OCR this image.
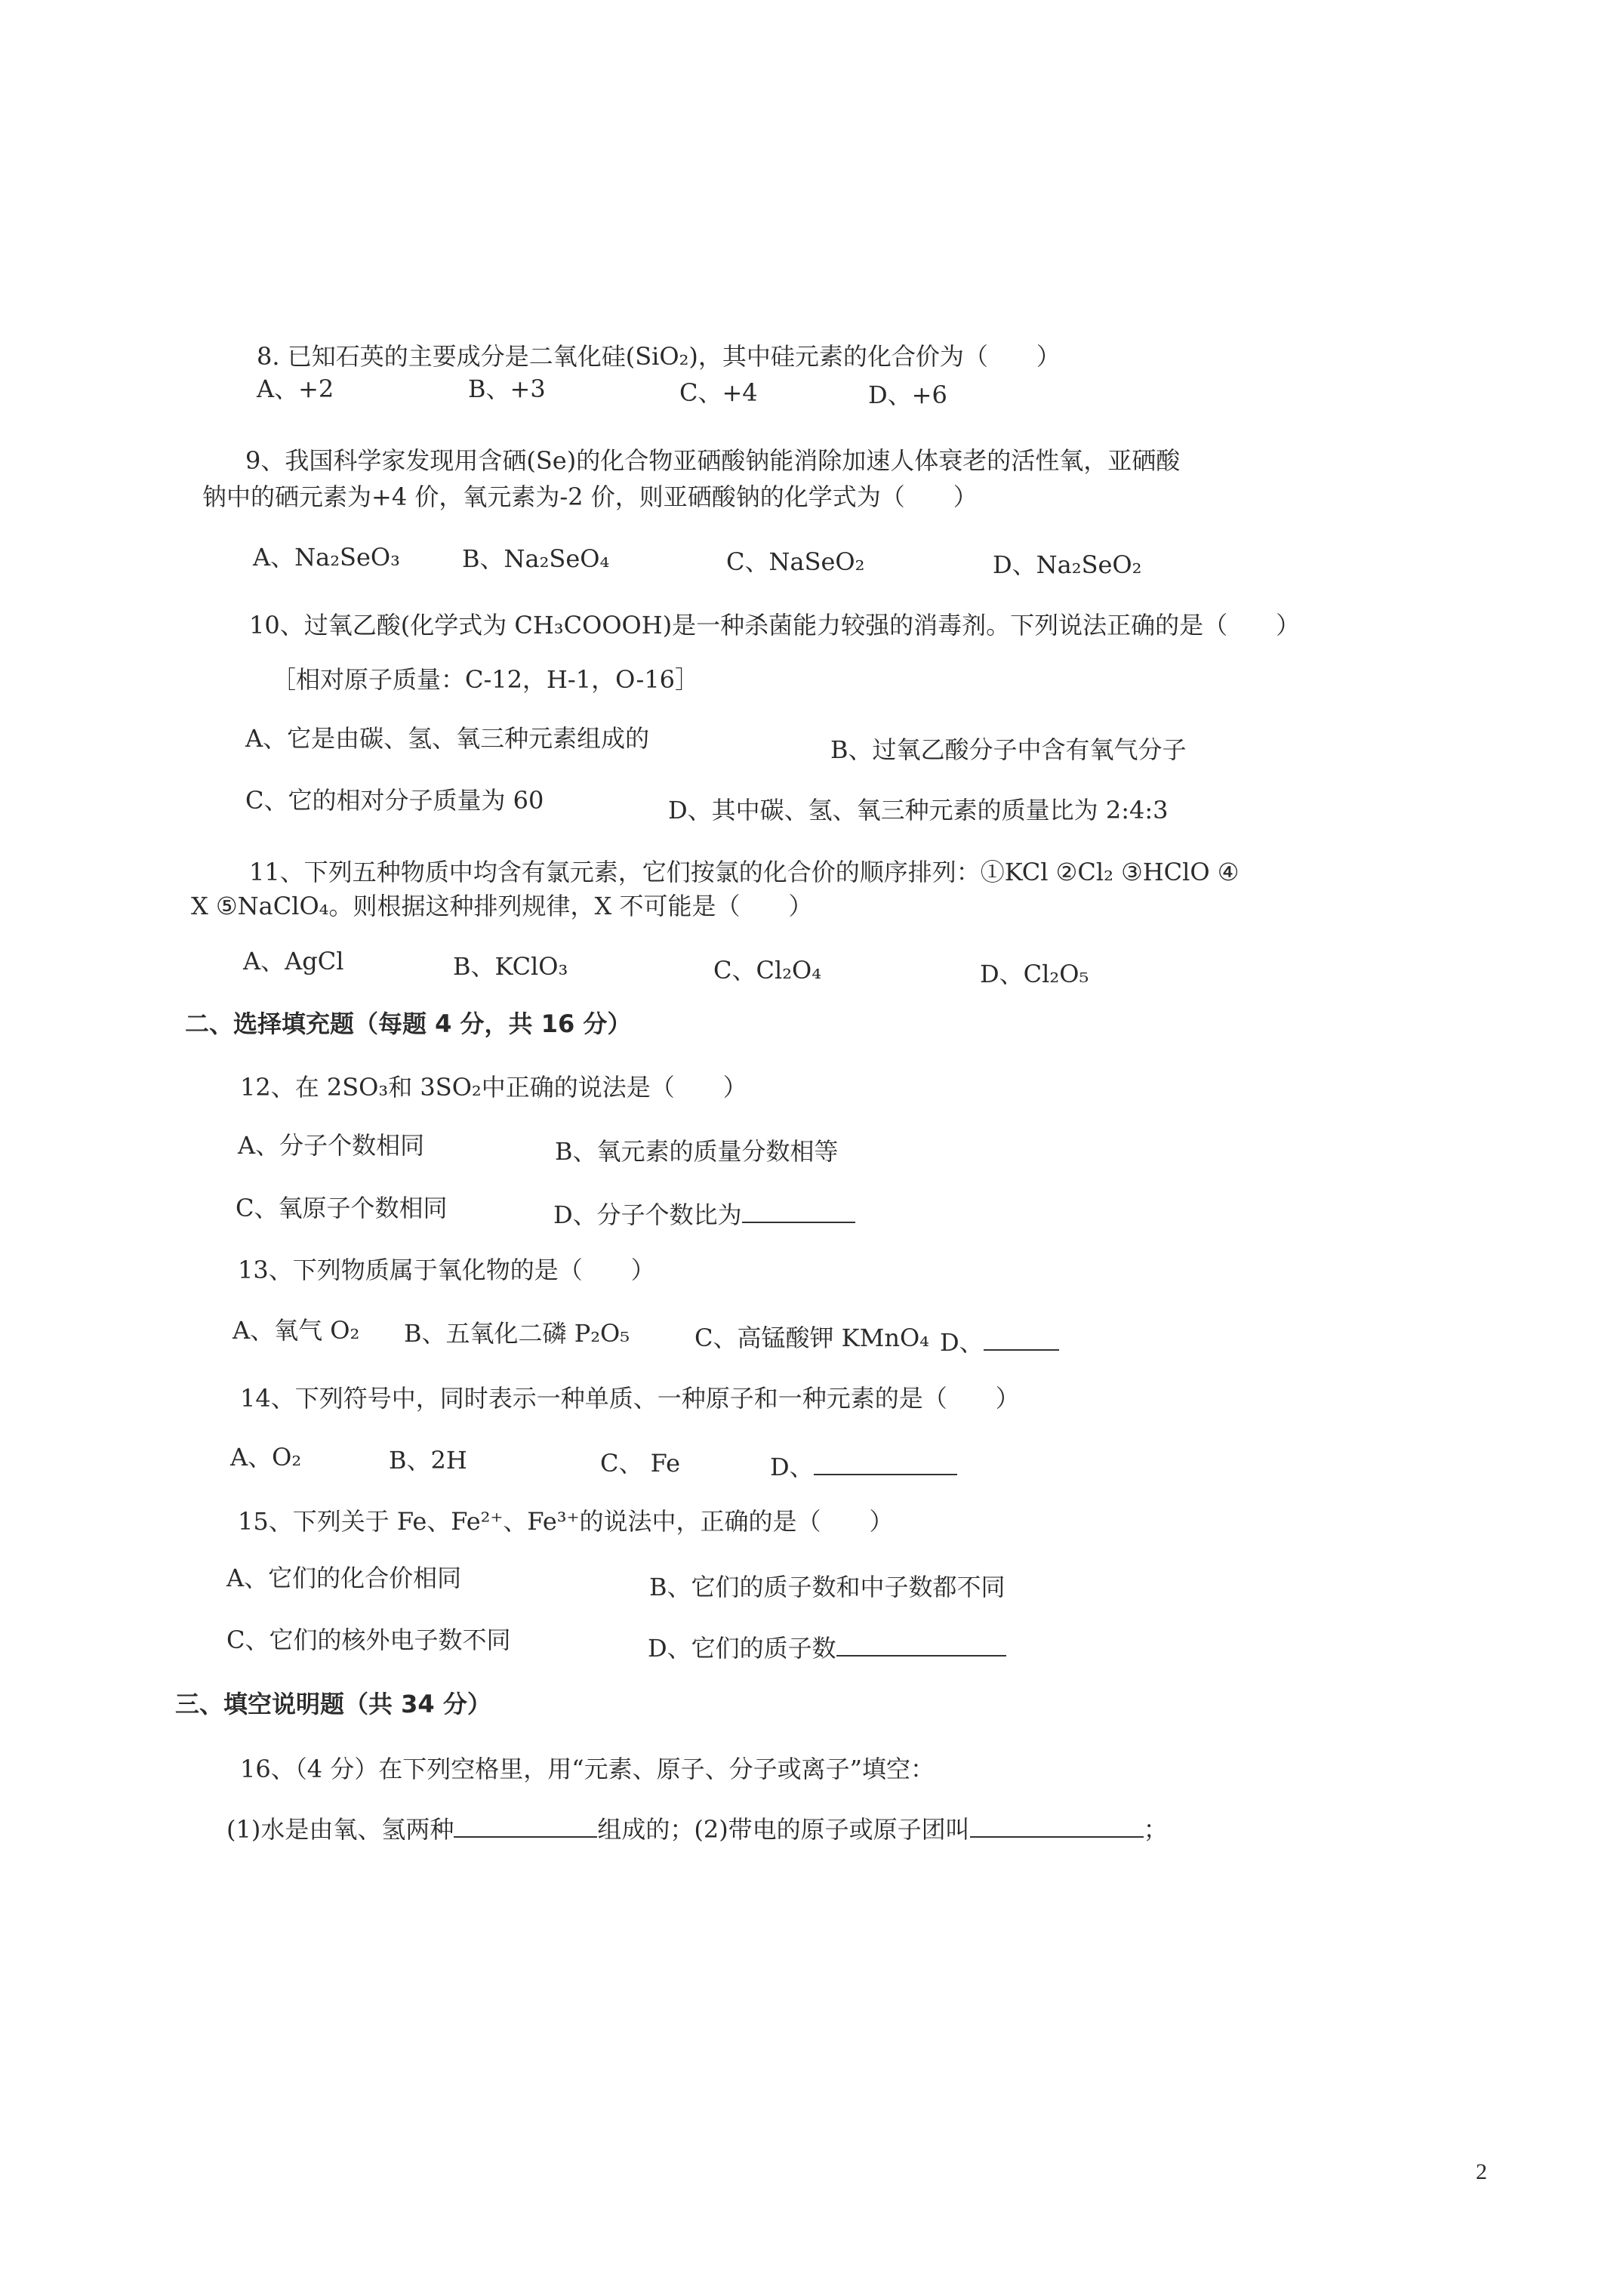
8. 已知石英的主要成分是二氧化硅(SiO₂)，其中硅元素的化合价为（　　）
A、+2	B、+3	C、+4	D、+6
9、我国科学家发现用含硒(Se)的化合物亚硒酸钠能消除加速人体衰老的活性氧，亚硒酸
钠中的硒元素为+4 价，氧元素为-2 价，则亚硒酸钠的化学式为（　　）
A、Na₂SeO₃	B、Na₂SeO₄	C、NaSeO₂	D、Na₂SeO₂
10、过氧乙酸(化学式为 CH₃COOOH)是一种杀菌能力较强的消毒剂。下列说法正确的是（　　）
［相对原子质量：C-12，H-1，O-16］
A、它是由碳、氢、氧三种元素组成的	B、过氧乙酸分子中含有氧气分子
C、它的相对分子质量为 60	D、其中碳、氢、氧三种元素的质量比为 2:4:3
11、下列五种物质中均含有氯元素，它们按氯的化合价的顺序排列：①KCl ②Cl₂ ③HClO ④
X ⑤NaClO₄。则根据这种排列规律，X 不可能是（　　）
A、AgCl	B、KClO₃	C、Cl₂O₄	D、Cl₂O₅
二、选择填充题（每题 4 分，共 16 分）
12、在 2SO₃和 3SO₂中正确的说法是（　　）
A、分子个数相同	B、氧元素的质量分数相等
C、氧原子个数相同	D、分子个数比为
13、下列物质属于氧化物的是（　　）
A、氧气 O₂ B、五氧化二磷 P₂O₅	C、高锰酸钾 KMnO₄ D、
14、下列符号中，同时表示一种单质、一种原子和一种元素的是（　　）
A、O₂	B、2H	C、 Fe	D、
15、下列关于 Fe、Fe²⁺、Fe³⁺的说法中，正确的是（　　）
A、它们的化合价相同	B、它们的质子数和中子数都不同
C、它们的核外电子数不同	D、它们的质子数
三、填空说明题（共 34 分）
16、（4 分）在下列空格里，用“元素、原子、分子或离子”填空：
(1)水是由氧、氢两种	组成的；(2)带电的原子或原子团叫	；
2
